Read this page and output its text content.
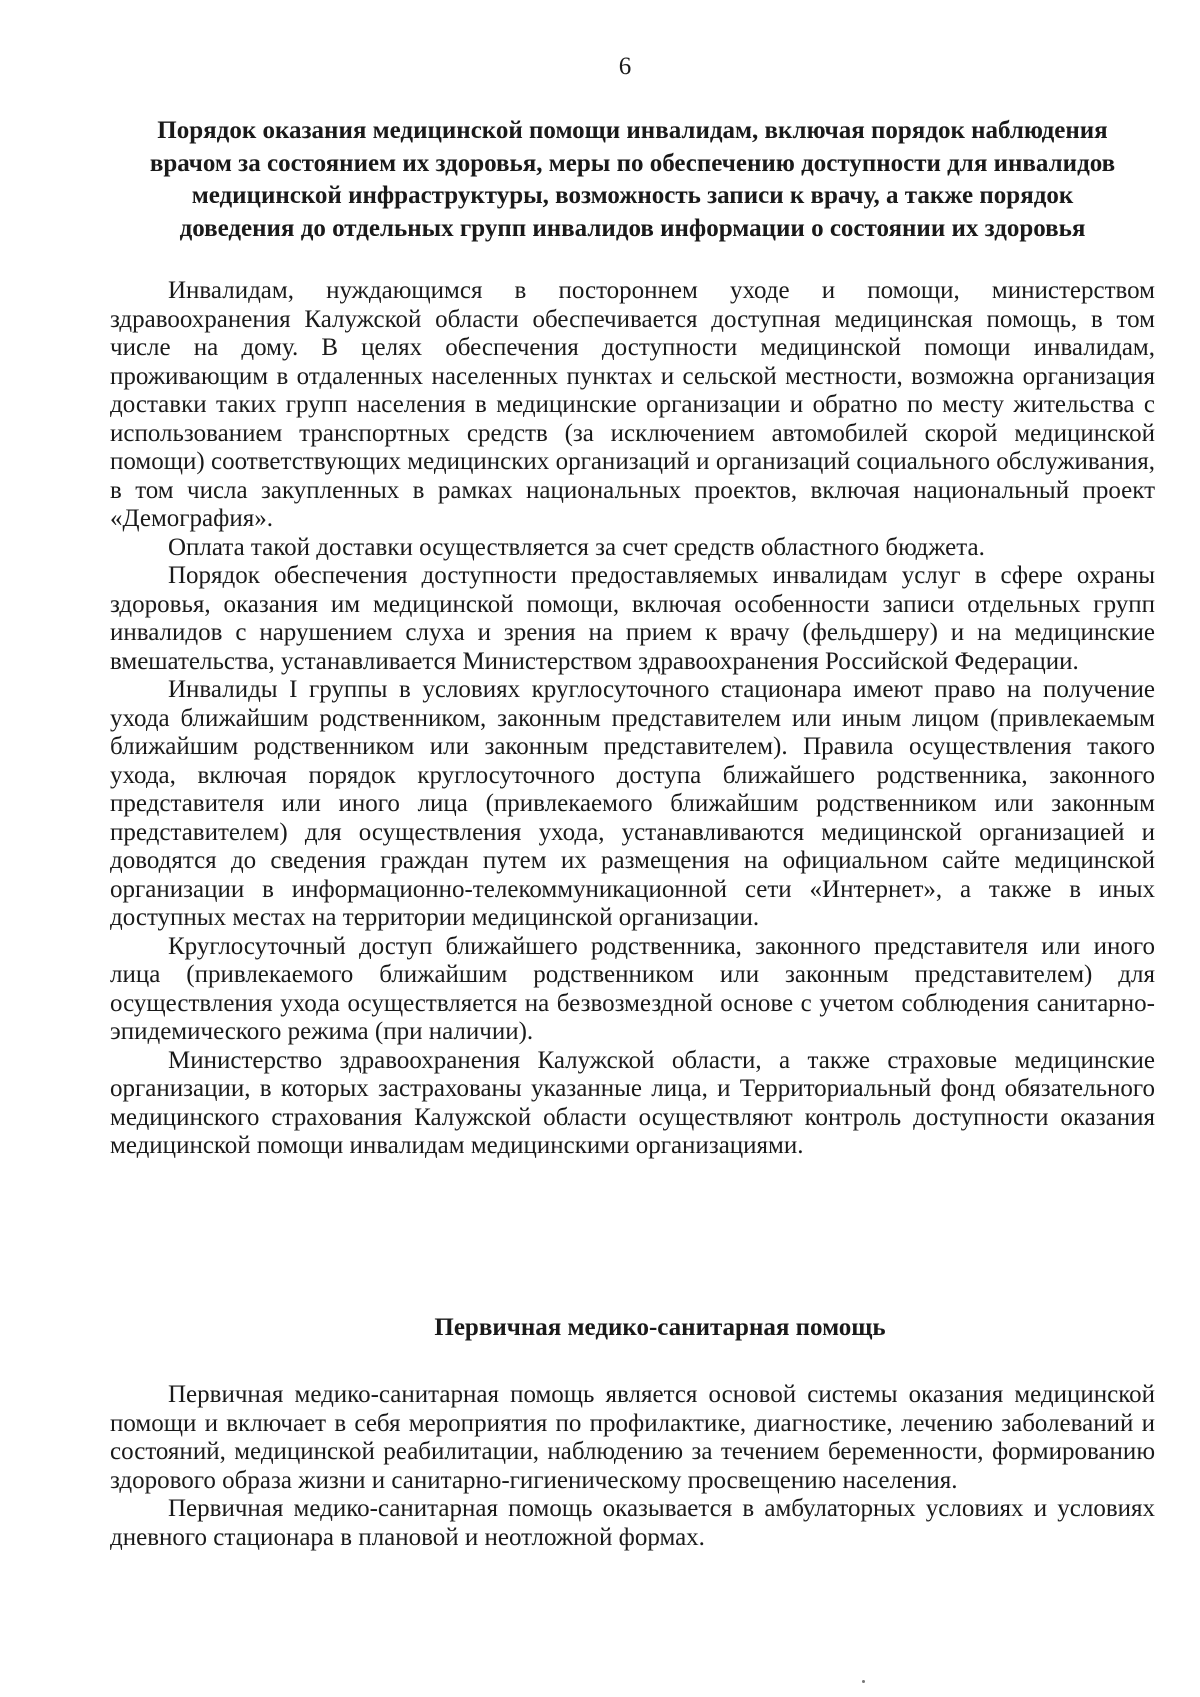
6
Порядок оказания медицинской помощи инвалидам, включая порядок наблюдения
врачом за состоянием их здоровья, меры по обеспечению доступности для инвалидов
медицинской инфраструктуры, возможность записи к врачу, а также порядок
доведения до отдельных групп инвалидов информации о состоянии их здоровья

Инвалидам, нуждающимся в постороннем уходе и помощи, министерством здравоохранения Калужской области обеспечивается доступная медицинская помощь, в том числе на дому. В целях обеспечения доступности медицинской помощи инвалидам, проживающим в отдаленных населенных пунктах и сельской местности, возможна организация доставки таких групп населения в медицинские организации и обратно по месту жительства с использованием транспортных средств (за исключением автомобилей скорой медицинской помощи) соответствующих медицинских организаций и организаций социального обслуживания, в том числа закупленных в рамках национальных проектов, включая национальный проект «Демография».

Оплата такой доставки осуществляется за счет средств областного бюджета.

Порядок обеспечения доступности предоставляемых инвалидам услуг в сфере охраны здоровья, оказания им медицинской помощи, включая особенности записи отдельных групп инвалидов с нарушением слуха и зрения на прием к врачу (фельдшеру) и на медицинские вмешательства, устанавливается Министерством здравоохранения Российской Федерации.

Инвалиды I группы в условиях круглосуточного стационара имеют право на получение ухода ближайшим родственником, законным представителем или иным лицом (привлекаемым ближайшим родственником или законным представителем). Правила осуществления такого ухода, включая порядок круглосуточного доступа ближайшего родственника, законного представителя или иного лица (привлекаемого ближайшим родственником или законным представителем) для осуществления ухода, устанавливаются медицинской организацией и доводятся до сведения граждан путем их размещения на официальном сайте медицинской организации в информационно-телекоммуникационной сети «Интернет», а также в иных доступных местах на территории медицинской организации.

Круглосуточный доступ ближайшего родственника, законного представителя или иного лица (привлекаемого ближайшим родственником или законным представителем) для осуществления ухода осуществляется на безвозмездной основе с учетом соблюдения санитарно-эпидемического режима (при наличии).

Министерство здравоохранения Калужской области, а также страховые медицинские организации, в которых застрахованы указанные лица, и Территориальный фонд обязательного медицинского страхования Калужской области осуществляют контроль доступности оказания медицинской помощи инвалидам медицинскими организациями.

Первичная медико-санитарная помощь

Первичная медико-санитарная помощь является основой системы оказания медицинской помощи и включает в себя мероприятия по профилактике, диагностике, лечению заболеваний и состояний, медицинской реабилитации, наблюдению за течением беременности, формированию здорового образа жизни и санитарно-гигиеническому просвещению населения.

Первичная медико-санитарная помощь оказывается в амбулаторных условиях и условиях дневного стационара в плановой и неотложной формах.
